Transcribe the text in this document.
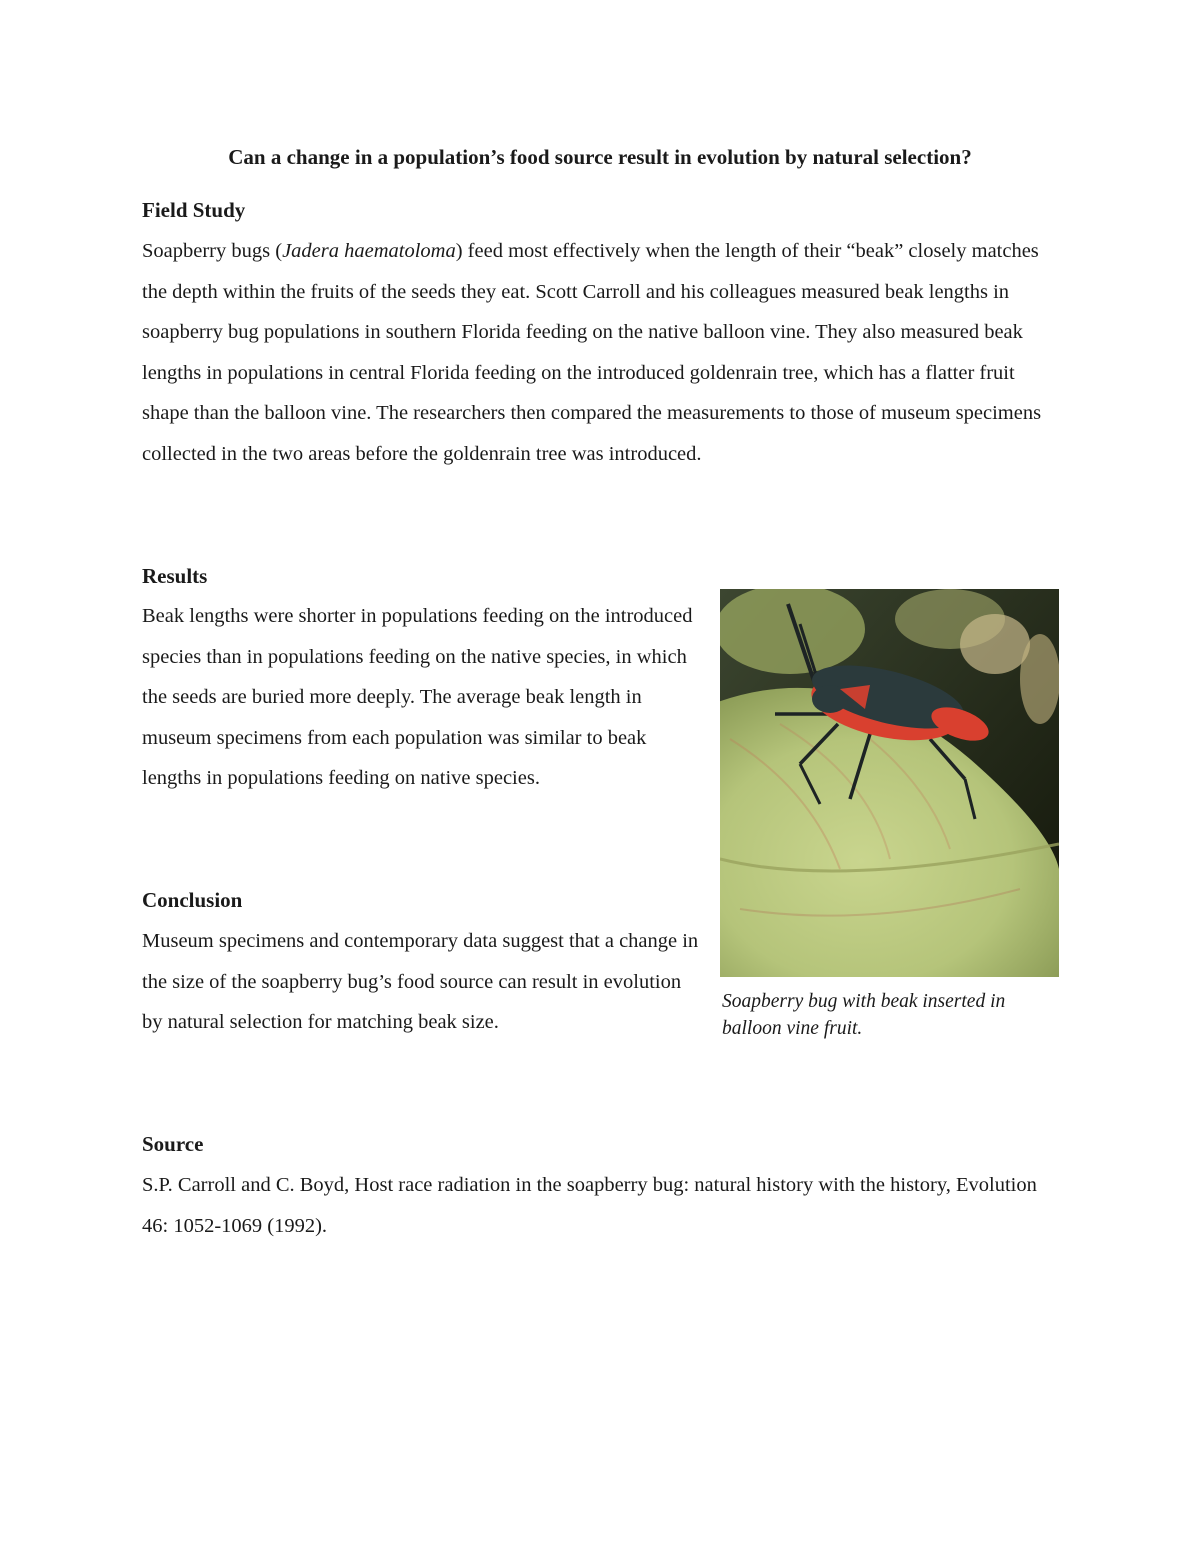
Can a change in a population’s food source result in evolution by natural selection?
Field Study
Soapberry bugs (Jadera haematoloma) feed most effectively when the length of their “beak” closely matches the depth within the fruits of the seeds they eat. Scott Carroll and his colleagues measured beak lengths in soapberry bug populations in southern Florida feeding on the native balloon vine. They also measured beak lengths in populations in central Florida feeding on the introduced goldenrain tree, which has a flatter fruit shape than the balloon vine. The researchers then compared the measurements to those of museum specimens collected in the two areas before the goldenrain tree was introduced.
Results
Beak lengths were shorter in populations feeding on the introduced species than in populations feeding on the native species, in which the seeds are buried more deeply. The average beak length in museum specimens from each population was similar to beak lengths in populations feeding on native species.
Soapberry bug with beak inserted in balloon vine fruit.
Conclusion
Museum specimens and contemporary data suggest that a change in the size of the soapberry bug’s food source can result in evolution by natural selection for matching beak size.
Source
S.P. Carroll and C. Boyd, Host race radiation in the soapberry bug: natural history with the history, Evolution 46: 1052-1069 (1992).
